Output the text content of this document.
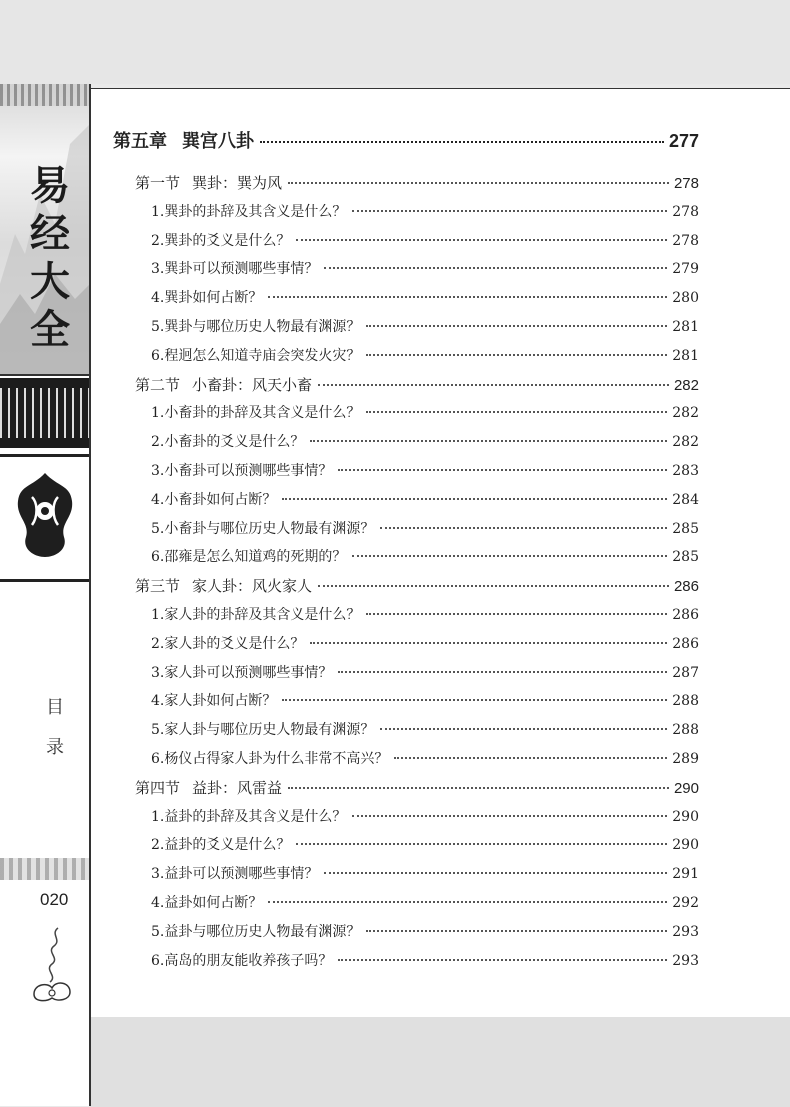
易
经
大
全
目
录
020
第五章 巽宫八卦	277
第一节 巽卦：巽为风	278
1.巽卦的卦辞及其含义是什么？	278
2.巽卦的爻义是什么？	278
3.巽卦可以预测哪些事情？	279
4.巽卦如何占断？	280
5.巽卦与哪位历史人物最有渊源？	281
6.程迥怎么知道寺庙会突发火灾？	281
第二节 小畜卦：风天小畜	282
1.小畜卦的卦辞及其含义是什么？	282
2.小畜卦的爻义是什么？	282
3.小畜卦可以预测哪些事情？	283
4.小畜卦如何占断？	284
5.小畜卦与哪位历史人物最有渊源？	285
6.邵雍是怎么知道鸡的死期的？	285
第三节 家人卦：风火家人	286
1.家人卦的卦辞及其含义是什么？	286
2.家人卦的爻义是什么？	286
3.家人卦可以预测哪些事情？	287
4.家人卦如何占断？	288
5.家人卦与哪位历史人物最有渊源？	288
6.杨仪占得家人卦为什么非常不高兴？	289
第四节 益卦：风雷益	290
1.益卦的卦辞及其含义是什么？	290
2.益卦的爻义是什么？	290
3.益卦可以预测哪些事情？	291
4.益卦如何占断？	292
5.益卦与哪位历史人物最有渊源？	293
6.高岛的朋友能收养孩子吗？	293
